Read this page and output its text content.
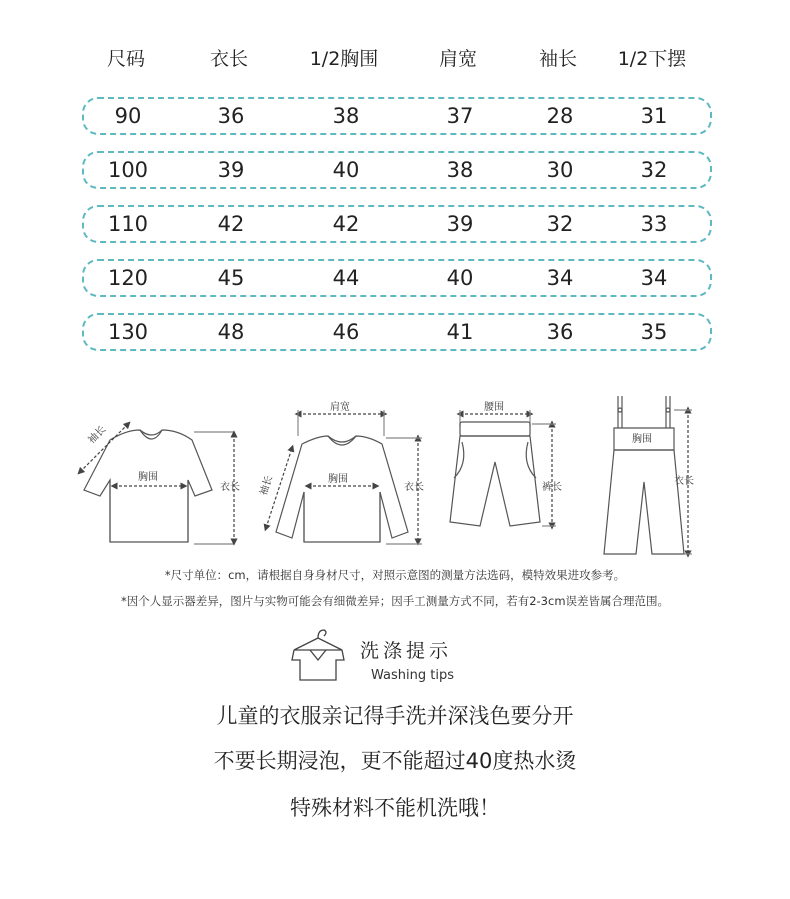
尺码	衣长	1/2胸围	肩宽	袖长 1/2下摆
90	36	38	37	28	31
100	39	40	38	30	32
110	42	42	39	32	33
120	45	44	40	34	34
130	48	46	41	36	35
袖长
胸围
衣长
肩宽
胸围
袖长	衣长
腰围
裤长
胸围
衣长
*尺寸单位：cm，请根据自身身材尺寸，对照示意图的测量方法选码，模特效果进攻参考。
*因个人显示器差异，图片与实物可能会有细微差异；因手工测量方式不同，若有2-3cm误差皆属合理范围。
洗涤提示
Washing tips
儿童的衣服亲记得手洗并深浅色要分开
不要长期浸泡，更不能超过40度热水烫
特殊材料不能机洗哦！
